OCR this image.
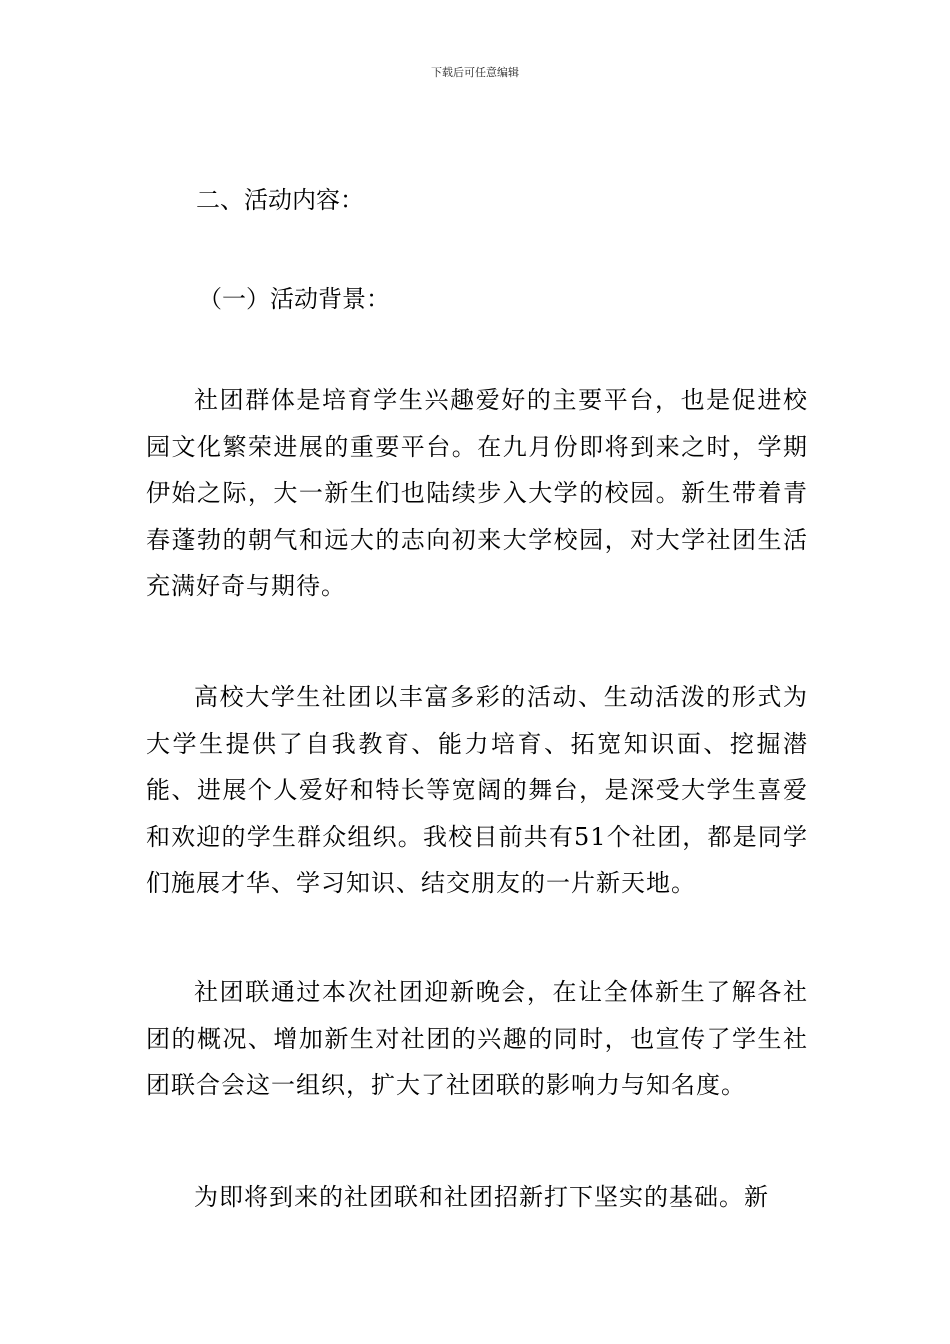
下载后可任意编辑
二、活动内容：
（一）活动背景：

社团群体是培育学生兴趣爱好的主要平台，也是促进校园文化繁荣进展的重要平台。在九月份即将到来之时，学期伊始之际，大一新生们也陆续步入大学的校园。新生带着青春蓬勃的朝气和远大的志向初来大学校园，对大学社团生活充满好奇与期待。

高校大学生社团以丰富多彩的活动、生动活泼的形式为大学生提供了自我教育、能力培育、拓宽知识面、挖掘潜能、进展个人爱好和特长等宽阔的舞台，是深受大学生喜爱和欢迎的学生群众组织。我校目前共有51个社团，都是同学们施展才华、学习知识、结交朋友的一片新天地。

社团联通过本次社团迎新晚会，在让全体新生了解各社团的概况、增加新生对社团的兴趣的同时，也宣传了学生社团联合会这一组织，扩大了社团联的影响力与知名度。

为即将到来的社团联和社团招新打下坚实的基础。新
